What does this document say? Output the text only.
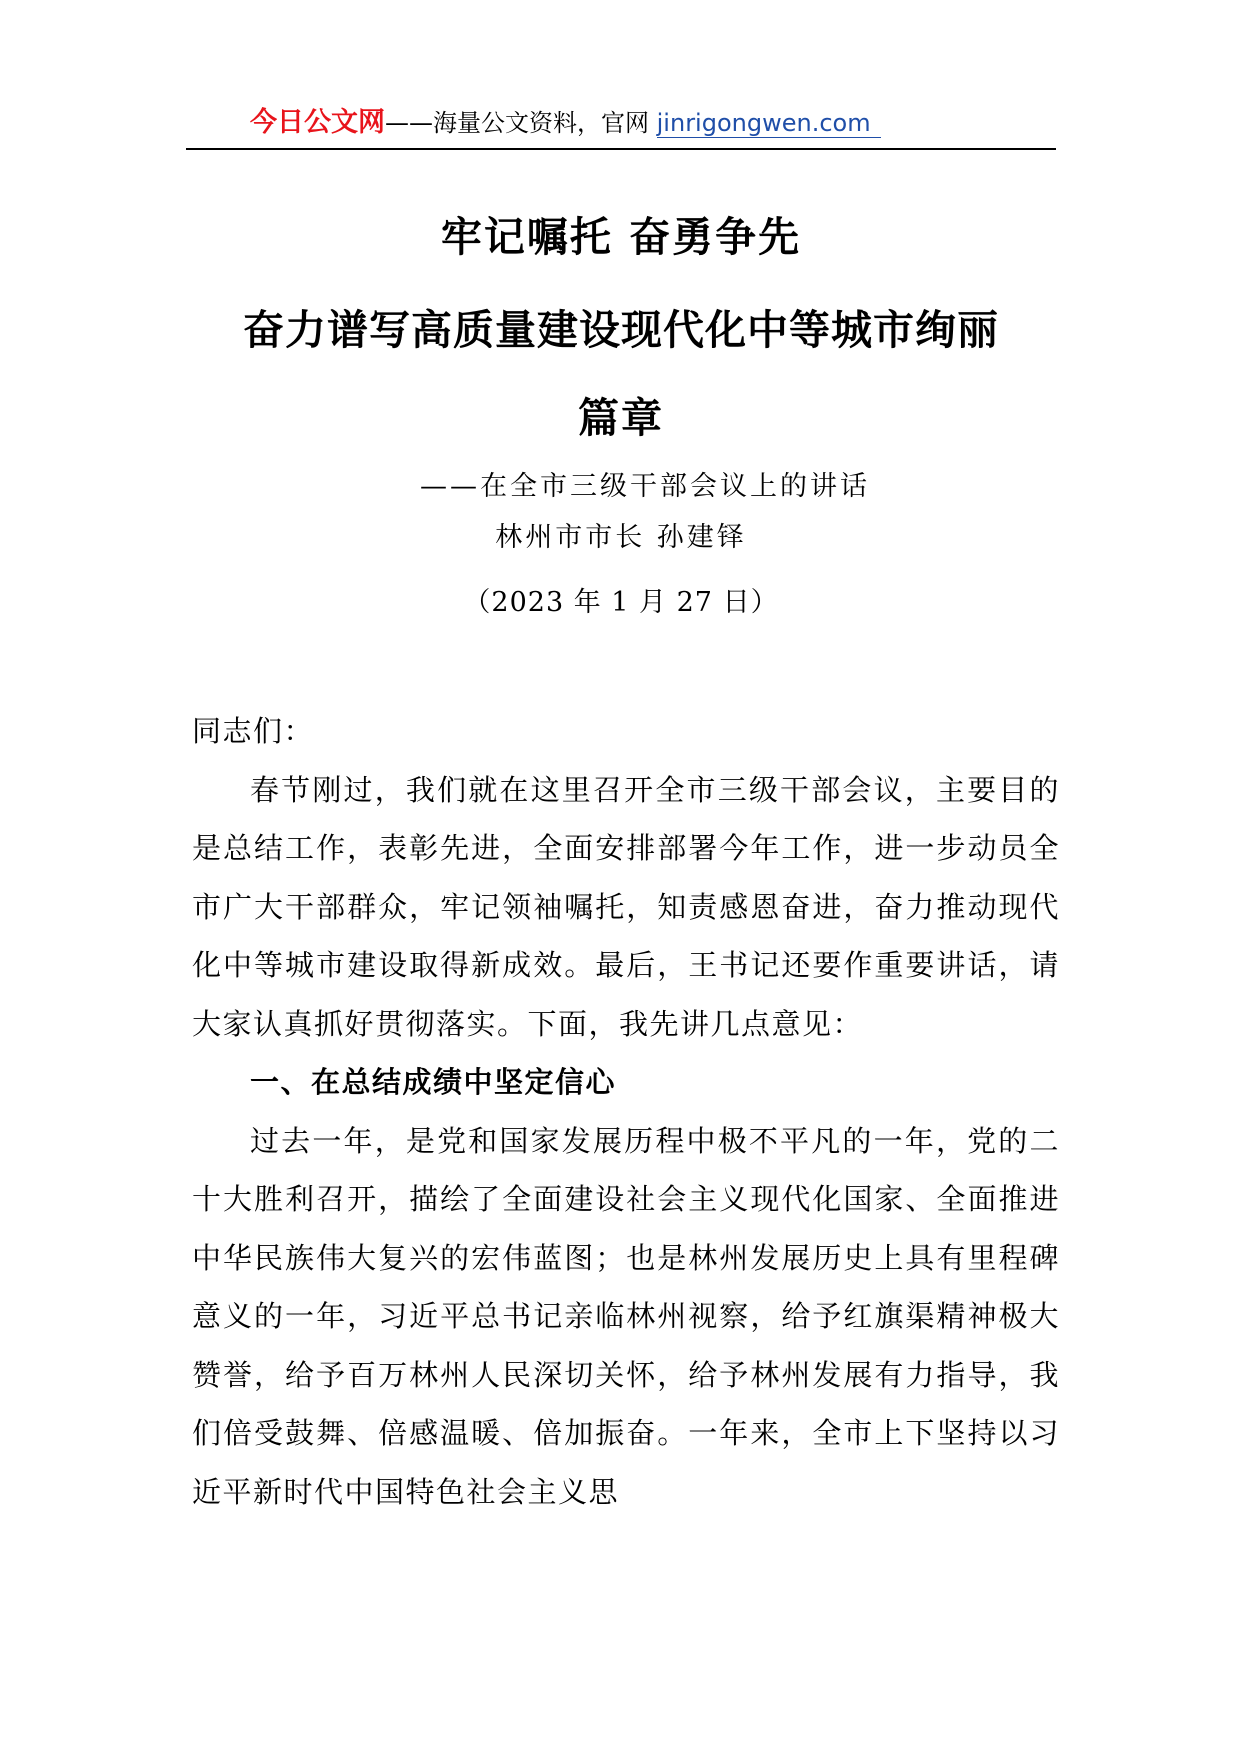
今日公文网——海量公文资料，官网 jinrigongwen.com
牢记嘱托 奋勇争先
奋力谱写高质量建设现代化中等城市绚丽
篇章
——在全市三级干部会议上的讲话
林州市市长 孙建铎
（2023 年 1 月 27 日）

同志们：

春节刚过，我们就在这里召开全市三级干部会议，主要目的是总结工作，表彰先进，全面安排部署今年工作，进一步动员全市广大干部群众，牢记领袖嘱托，知责感恩奋进，奋力推动现代化中等城市建设取得新成效。最后，王书记还要作重要讲话，请大家认真抓好贯彻落实。下面，我先讲几点意见：

一、在总结成绩中坚定信心

过去一年，是党和国家发展历程中极不平凡的一年，党的二十大胜利召开，描绘了全面建设社会主义现代化国家、全面推进中华民族伟大复兴的宏伟蓝图；也是林州发展历史上具有里程碑意义的一年，习近平总书记亲临林州视察，给予红旗渠精神极大赞誉，给予百万林州人民深切关怀，给予林州发展有力指导，我们倍受鼓舞、倍感温暖、倍加振奋。一年来，全市上下坚持以习近平新时代中国特色社会主义思
